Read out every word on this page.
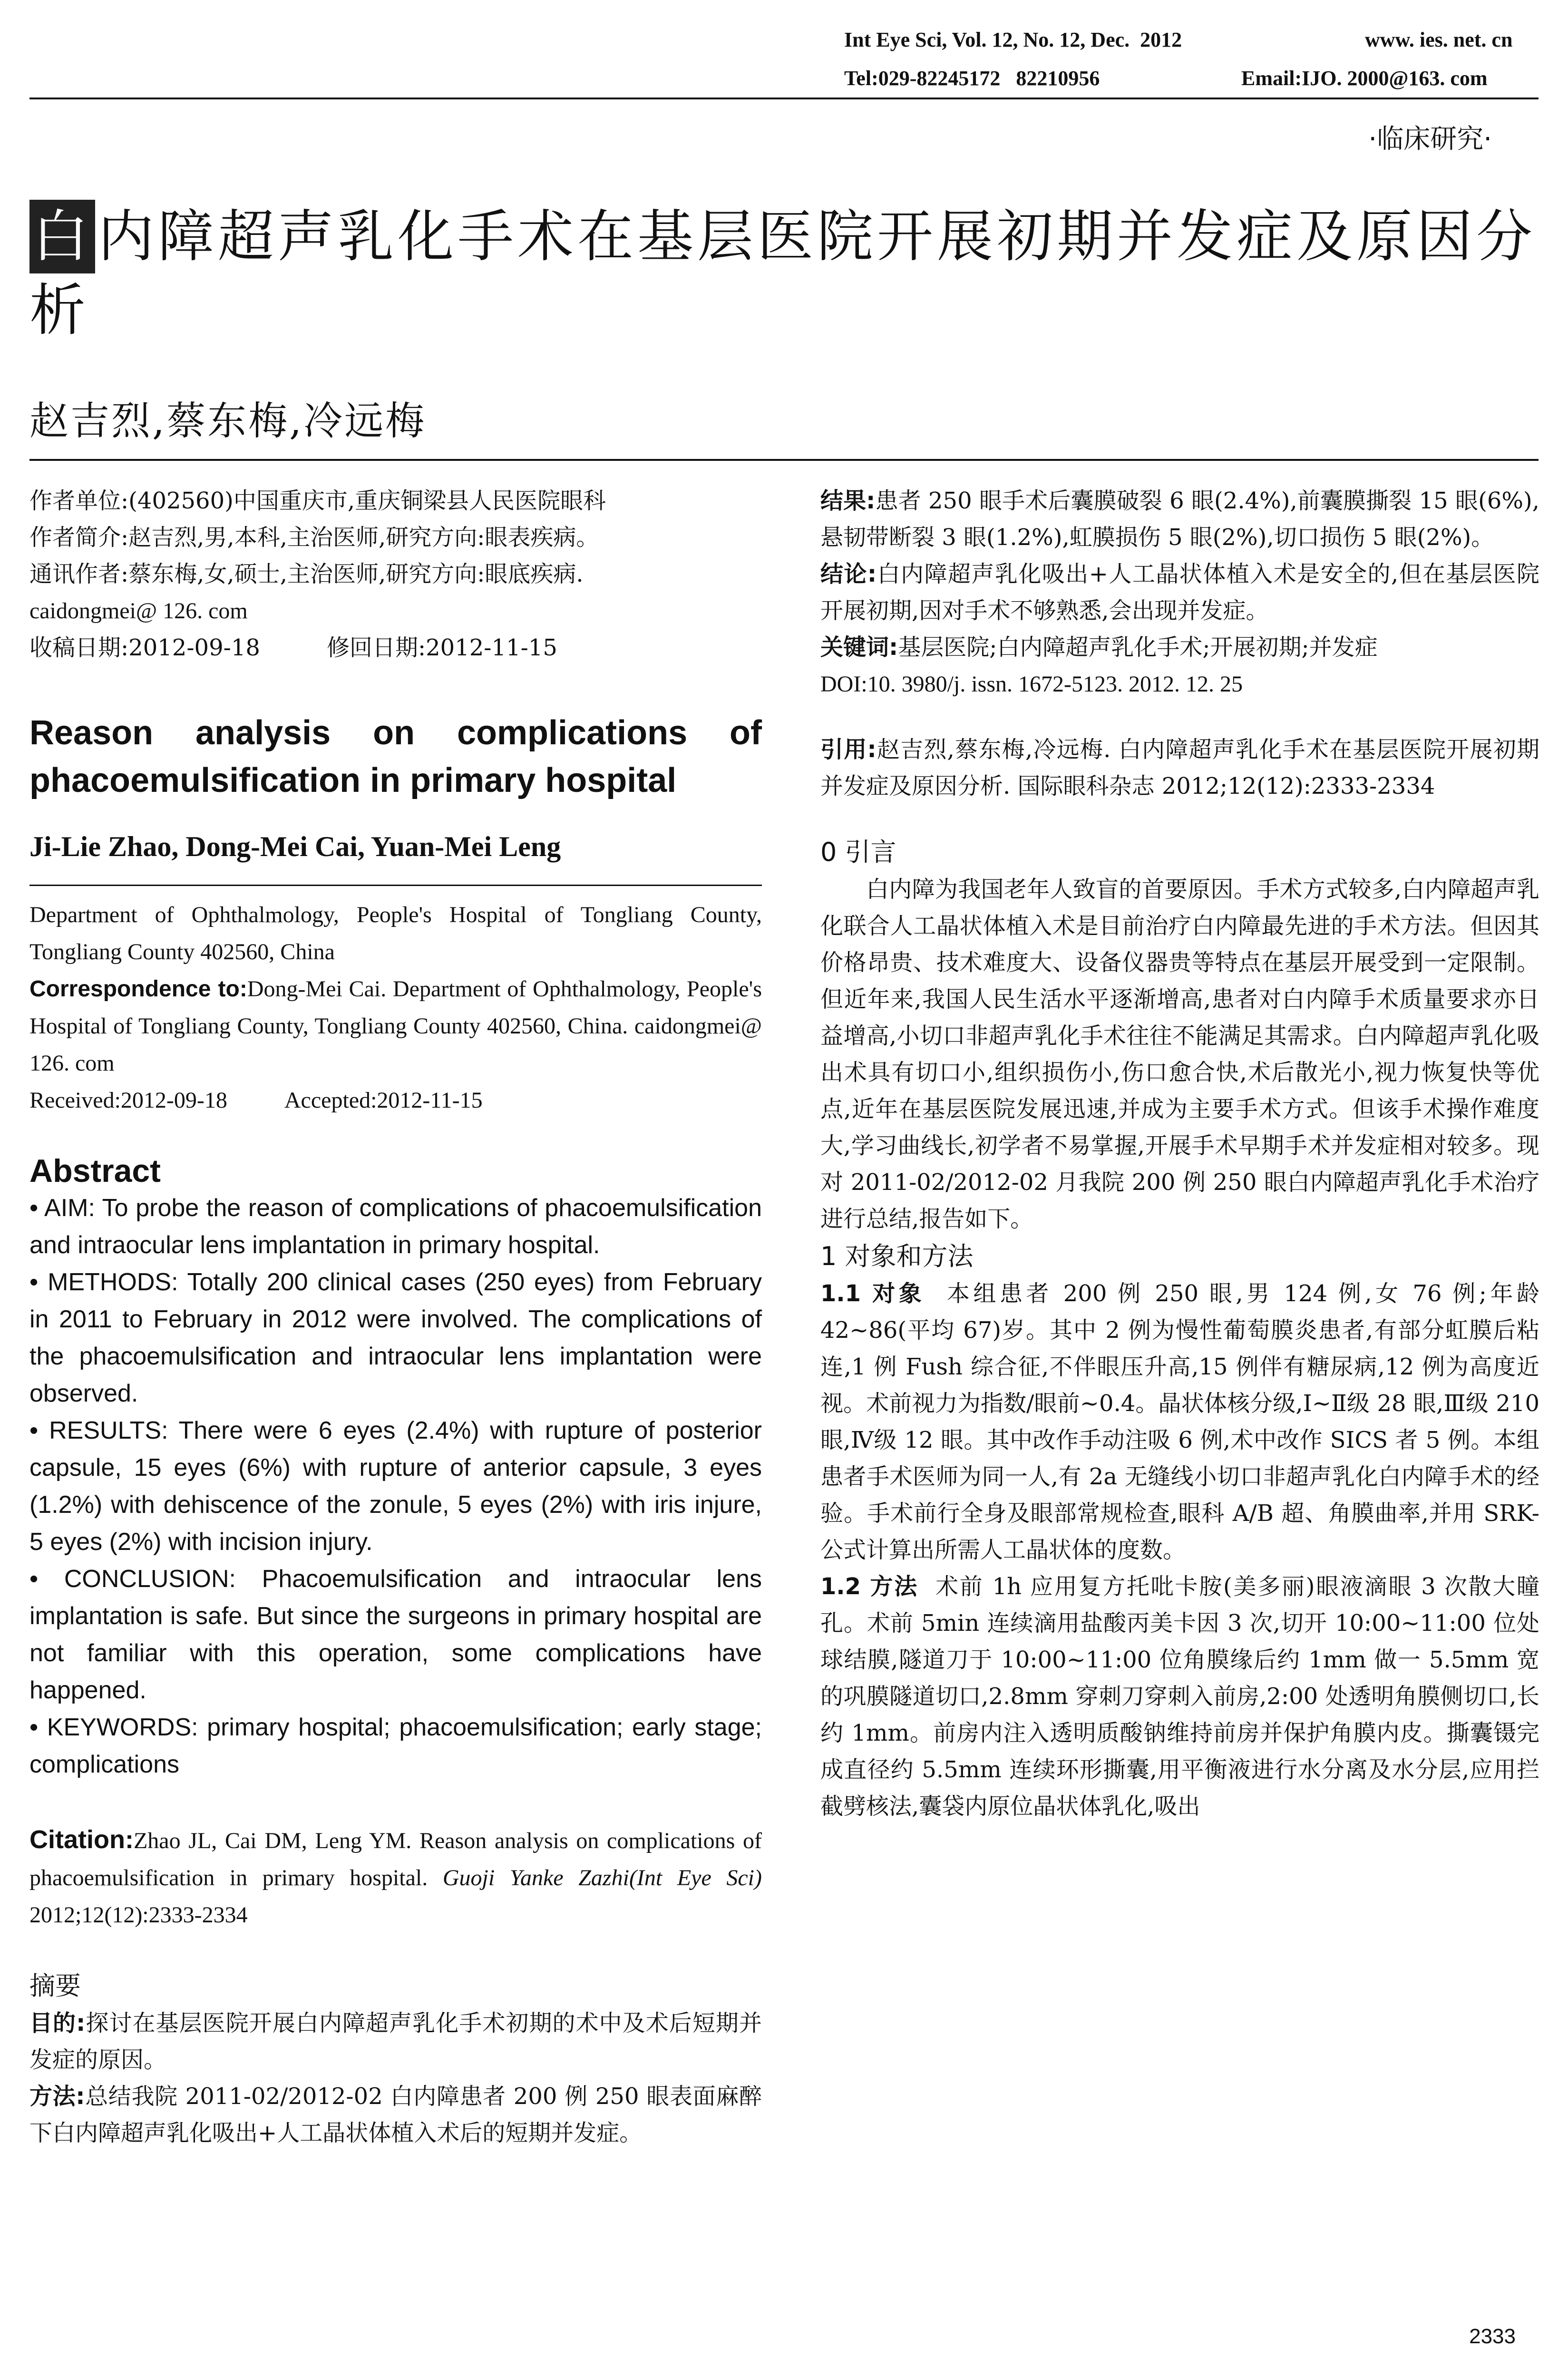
Int Eye Sci, Vol. 12, No. 12, Dec.  2012	www. ies. net. cn
Tel:029-82245172   82210956	Email:IJO. 2000@163. com
·临床研究·
白 内障超声乳化手术在基层医院开展初期并发症及原因分析
赵吉烈,蔡东梅,冷远梅

作者单位:(402560)中国重庆市,重庆铜梁县人民医院眼科

作者简介:赵吉烈,男,本科,主治医师,研究方向:眼表疾病。

通讯作者:蔡东梅,女,硕士,主治医师,研究方向:眼底疾病.

caidongmei@ 126. com

收稿日期:2012-09-18	修回日期:2012-11-15

Reason analysis on complications of phacoemulsification in primary hospital

Ji-Lie Zhao, Dong-Mei Cai, Yuan-Mei Leng

Department of Ophthalmology, People's Hospital of Tongliang County, Tongliang County 402560, China

Correspondence to:Dong-Mei Cai. Department of Ophthalmology, People's Hospital of Tongliang County, Tongliang County 402560, China. caidongmei@ 126. com

Received:2012-09-18	Accepted:2012-11-15

Abstract

• AIM: To probe the reason of complications of phacoemulsification and intraocular lens implantation in primary hospital.

• METHODS: Totally 200 clinical cases (250 eyes) from February in 2011 to February in 2012 were involved. The complications of the phacoemulsification and intraocular lens implantation were observed.

• RESULTS: There were 6 eyes (2.4%) with rupture of posterior capsule, 15 eyes (6%) with rupture of anterior capsule, 3 eyes (1.2%) with dehiscence of the zonule, 5 eyes (2%) with iris injure, 5 eyes (2%) with incision injury.

• CONCLUSION: Phacoemulsification and intraocular lens implantation is safe. But since the surgeons in primary hospital are not familiar with this operation, some complications have happened.

• KEYWORDS: primary hospital; phacoemulsification; early stage; complications

Citation:Zhao JL, Cai DM, Leng YM. Reason analysis on complications of phacoemulsification in primary hospital. Guoji Yanke Zazhi(Int Eye Sci) 2012;12(12):2333-2334

摘要

目的:探讨在基层医院开展白内障超声乳化手术初期的术中及术后短期并发症的原因。

方法:总结我院 2011-02/2012-02 白内障患者 200 例 250 眼表面麻醉下白内障超声乳化吸出+人工晶状体植入术后的短期并发症。

结果:患者 250 眼手术后囊膜破裂 6 眼(2.4%),前囊膜撕裂 15 眼(6%),悬韧带断裂 3 眼(1.2%),虹膜损伤 5 眼(2%),切口损伤 5 眼(2%)。

结论:白内障超声乳化吸出+人工晶状体植入术是安全的,但在基层医院开展初期,因对手术不够熟悉,会出现并发症。

关键词:基层医院;白内障超声乳化手术;开展初期;并发症

DOI:10. 3980/j. issn. 1672-5123. 2012. 12. 25

引用:赵吉烈,蔡东梅,冷远梅. 白内障超声乳化手术在基层医院开展初期并发症及原因分析. 国际眼科杂志 2012;12(12):2333-2334

0 引言

白内障为我国老年人致盲的首要原因。手术方式较多,白内障超声乳化联合人工晶状体植入术是目前治疗白内障最先进的手术方法。但因其价格昂贵、技术难度大、设备仪器贵等特点在基层开展受到一定限制。但近年来,我国人民生活水平逐渐增高,患者对白内障手术质量要求亦日益增高,小切口非超声乳化手术往往不能满足其需求。白内障超声乳化吸出术具有切口小,组织损伤小,伤口愈合快,术后散光小,视力恢复快等优点,近年在基层医院发展迅速,并成为主要手术方式。但该手术操作难度大,学习曲线长,初学者不易掌握,开展手术早期手术并发症相对较多。现对 2011-02/2012-02 月我院 200 例 250 眼白内障超声乳化手术治疗进行总结,报告如下。

1 对象和方法

1.1 对象 本组患者 200 例 250 眼,男 124 例,女 76 例;年龄 42~86(平均 67)岁。其中 2 例为慢性葡萄膜炎患者,有部分虹膜后粘连,1 例 Fush 综合征,不伴眼压升高,15 例伴有糖尿病,12 例为高度近视。术前视力为指数/眼前~0.4。晶状体核分级,Ⅰ~Ⅱ级 28 眼,Ⅲ级 210 眼,Ⅳ级 12 眼。其中改作手动注吸 6 例,术中改作 SICS 者 5 例。本组患者手术医师为同一人,有 2a 无缝线小切口非超声乳化白内障手术的经验。手术前行全身及眼部常规检查,眼科 A/B 超、角膜曲率,并用 SRK-公式计算出所需人工晶状体的度数。

1.2 方法 术前 1h 应用复方托吡卡胺(美多丽)眼液滴眼 3 次散大瞳孔。术前 5min 连续滴用盐酸丙美卡因 3 次,切开 10:00~11:00 位处球结膜,隧道刀于 10:00~11:00 位角膜缘后约 1mm 做一 5.5mm 宽的巩膜隧道切口,2.8mm 穿刺刀穿刺入前房,2:00 处透明角膜侧切口,长约 1mm。前房内注入透明质酸钠维持前房并保护角膜内皮。撕囊镊完成直径约 5.5mm 连续环形撕囊,用平衡液进行水分离及水分层,应用拦截劈核法,囊袋内原位晶状体乳化,吸出

2333
